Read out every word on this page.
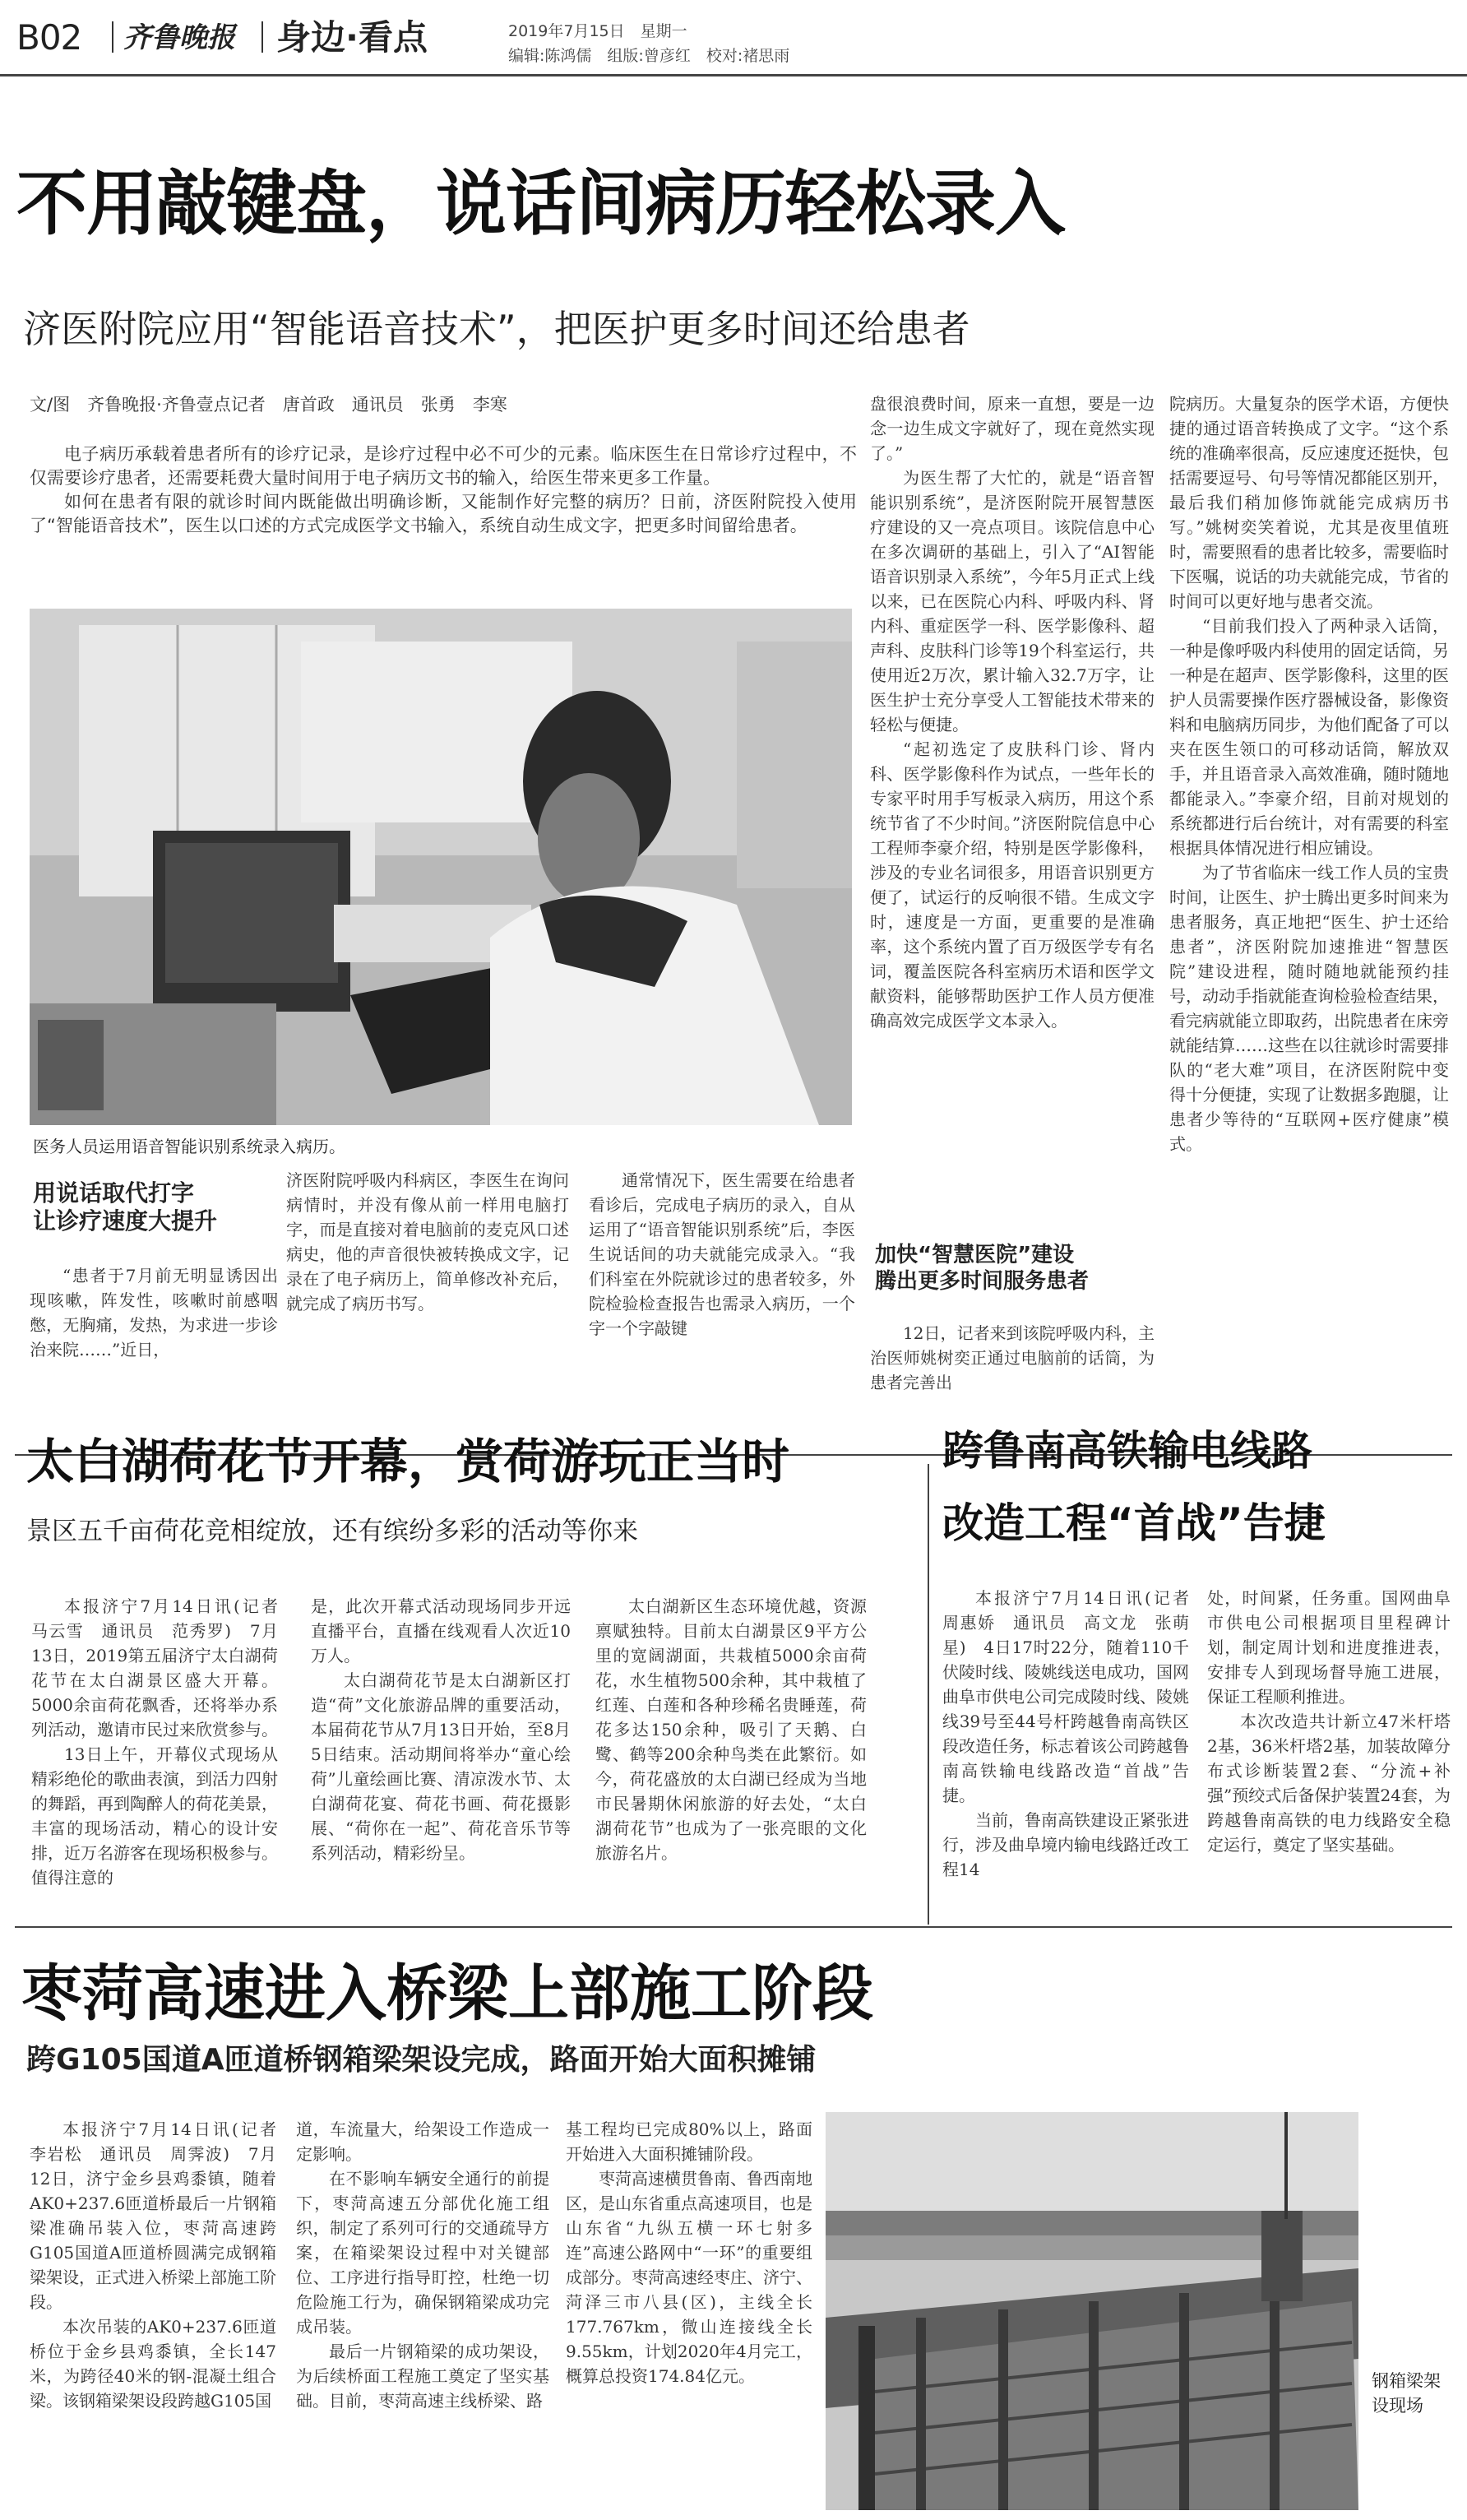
B02 齐鲁晚报 身边·看点	2019年7月15日　 星期一
编辑:陈鸿儒　 组版:曾彦红　 校对:褚思雨
不用敲键盘，说话间病历轻松录入
济医附院应用“智能语音技术”，把医护更多时间还给患者
文/图　齐鲁晚报·齐鲁壹点记者　唐首政　通讯员　张勇　李寒

电子病历承载着患者所有的诊疗记录，是诊疗过程中必不可少的元素。临床医生在日常诊疗过程中，不仅需要诊疗患者，还需要耗费大量时间用于电子病历文书的输入，给医生带来更多工作量。

如何在患者有限的就诊时间内既能做出明确诊断，又能制作好完整的病历？日前，济医附院投入使用了“智能语音技术”，医生以口述的方式完成医学文书输入，系统自动生成文字，把更多时间留给患者。

医务人员运用语音智能识别系统录入病历。
用说话取代打字
让诊疗速度大提升

“患者于7月前无明显诱因出现咳嗽，阵发性，咳嗽时前感咽憋，无胸痛，发热，为求进一步诊治来院……”近日，

济医附院呼吸内科病区，李医生在询问病情时，并没有像从前一样用电脑打字，而是直接对着电脑前的麦克风口述病史，他的声音很快被转换成文字，记录在了电子病历上，简单修改补充后，就完成了病历书写。

通常情况下，医生需要在给患者看诊后，完成电子病历的录入，自从运用了“语音智能识别系统”后，李医生说话间的功夫就能完成录入。“我们科室在外院就诊过的患者较多，外院检验检查报告也需录入病历，一个字一个字敲键

盘很浪费时间，原来一直想，要是一边念一边生成文字就好了，现在竟然实现了。”

为医生帮了大忙的，就是“语音智能识别系统”，是济医附院开展智慧医疗建设的又一亮点项目。该院信息中心在多次调研的基础上，引入了“AI智能语音识别录入系统”，今年5月正式上线以来，已在医院心内科、呼吸内科、肾内科、重症医学一科、医学影像科、超声科、皮肤科门诊等19个科室运行，共使用近2万次，累计输入32.7万字，让医生护士充分享受人工智能技术带来的轻松与便捷。

“起初选定了皮肤科门诊、肾内科、医学影像科作为试点，一些年长的专家平时用手写板录入病历，用这个系统节省了不少时间。”济医附院信息中心工程师李豪介绍，特别是医学影像科，涉及的专业名词很多，用语音识别更方便了，试运行的反响很不错。生成文字时，速度是一方面，更重要的是准确率，这个系统内置了百万级医学专有名词，覆盖医院各科室病历术语和医学文献资料，能够帮助医护工作人员方便准确高效完成医学文本录入。

加快“智慧医院”建设
腾出更多时间服务患者

12日，记者来到该院呼吸内科，主治医师姚树奕正通过电脑前的话筒，为患者完善出

院病历。大量复杂的医学术语，方便快捷的通过语音转换成了文字。“这个系统的准确率很高，反应速度还挺快，包括需要逗号、句号等情况都能区别开，最后我们稍加修饰就能完成病历书写。”姚树奕笑着说，尤其是夜里值班时，需要照看的患者比较多，需要临时下医嘱，说话的功夫就能完成，节省的时间可以更好地与患者交流。

“目前我们投入了两种录入话筒，一种是像呼吸内科使用的固定话筒，另一种是在超声、医学影像科，这里的医护人员需要操作医疗器械设备，影像资料和电脑病历同步，为他们配备了可以夹在医生领口的可移动话筒，解放双手，并且语音录入高效准确，随时随地都能录入。”李豪介绍，目前对规划的系统都进行后台统计，对有需要的科室根据具体情况进行相应铺设。

为了节省临床一线工作人员的宝贵时间，让医生、护士腾出更多时间来为患者服务，真正地把“医生、护士还给患者”，济医附院加速推进“智慧医院”建设进程，随时随地就能预约挂号，动动手指就能查询检验检查结果，看完病就能立即取药，出院患者在床旁就能结算……这些在以往就诊时需要排队的“老大难”项目，在济医附院中变得十分便捷，实现了让数据多跑腿，让患者少等待的“互联网+医疗健康”模式。

太白湖荷花节开幕，赏荷游玩正当时
景区五千亩荷花竞相绽放，还有缤纷多彩的活动等你来

本报济宁7月14日讯(记者　马云雪　通讯员　范秀罗)　7月13日，2019第五届济宁太白湖荷花节在太白湖景区盛大开幕。5000余亩荷花飘香，还将举办系列活动，邀请市民过来欣赏参与。

13日上午，开幕仪式现场从精彩绝伦的歌曲表演，到活力四射的舞蹈，再到陶醉人的荷花美景，丰富的现场活动，精心的设计安排，近万名游客在现场积极参与。值得注意的

是，此次开幕式活动现场同步开远直播平台，直播在线观看人次近10万人。

太白湖荷花节是太白湖新区打造“荷”文化旅游品牌的重要活动，本届荷花节从7月13日开始，至8月5日结束。活动期间将举办“童心绘荷”儿童绘画比赛、清凉泼水节、太白湖荷花宴、荷花书画、荷花摄影展、“荷你在一起”、荷花音乐节等系列活动，精彩纷呈。

太白湖新区生态环境优越，资源禀赋独特。目前太白湖景区9平方公里的宽阔湖面，共栽植5000余亩荷花，水生植物500余种，其中栽植了红莲、白莲和各种珍稀名贵睡莲，荷花多达150余种，吸引了天鹅、白鹭、鹤等200余种鸟类在此繁衍。如今，荷花盛放的太白湖已经成为当地市民暑期休闲旅游的好去处，“太白湖荷花节”也成为了一张亮眼的文化旅游名片。

跨鲁南高铁输电线路
改造工程“首战”告捷

本报济宁7月14日讯(记者　周惠娇　通讯员　高文龙　张萌星)　4日17时22分，随着110千伏陵时线、陵姚线送电成功，国网曲阜市供电公司完成陵时线、陵姚线39号至44号杆跨越鲁南高铁区段改造任务，标志着该公司跨越鲁南高铁输电线路改造“首战”告捷。

当前，鲁南高铁建设正紧张进行，涉及曲阜境内输电线路迁改工程14

处，时间紧，任务重。国网曲阜市供电公司根据项目里程碑计划，制定周计划和进度推进表，安排专人到现场督导施工进展，保证工程顺利推进。

本次改造共计新立47米杆塔2基，36米杆塔2基，加装故障分布式诊断装置2套、“分流+补强”预绞式后备保护装置24套，为跨越鲁南高铁的电力线路安全稳定运行，奠定了坚实基础。

枣菏高速进入桥梁上部施工阶段
跨G105国道A匝道桥钢箱梁架设完成，路面开始大面积摊铺

本报济宁7月14日讯(记者　李岩松　通讯员　周霁波)　7月12日，济宁金乡县鸡黍镇，随着AK0+237.6匝道桥最后一片钢箱梁准确吊装入位，枣菏高速跨G105国道A匝道桥圆满完成钢箱梁架设，正式进入桥梁上部施工阶段。

本次吊装的AK0+237.6匝道桥位于金乡县鸡黍镇，全长147米，为跨径40米的钢-混凝土组合梁。该钢箱梁架设段跨越G105国

道，车流量大，给架设工作造成一定影响。

在不影响车辆安全通行的前提下，枣菏高速五分部优化施工组织，制定了系列可行的交通疏导方案，在箱梁架设过程中对关键部位、工序进行指导盯控，杜绝一切危险施工行为，确保钢箱梁成功完成吊装。

最后一片钢箱梁的成功架设，为后续桥面工程施工奠定了坚实基础。目前，枣菏高速主线桥梁、路

基工程均已完成80%以上，路面开始进入大面积摊铺阶段。

枣菏高速横贯鲁南、鲁西南地区，是山东省重点高速项目，也是山东省“九纵五横一环七射多连”高速公路网中“一环”的重要组成部分。枣菏高速经枣庄、济宁、菏泽三市八县(区)，主线全长177.767km，微山连接线全长9.55km，计划2020年4月完工，概算总投资174.84亿元。	钢箱梁架设现场
